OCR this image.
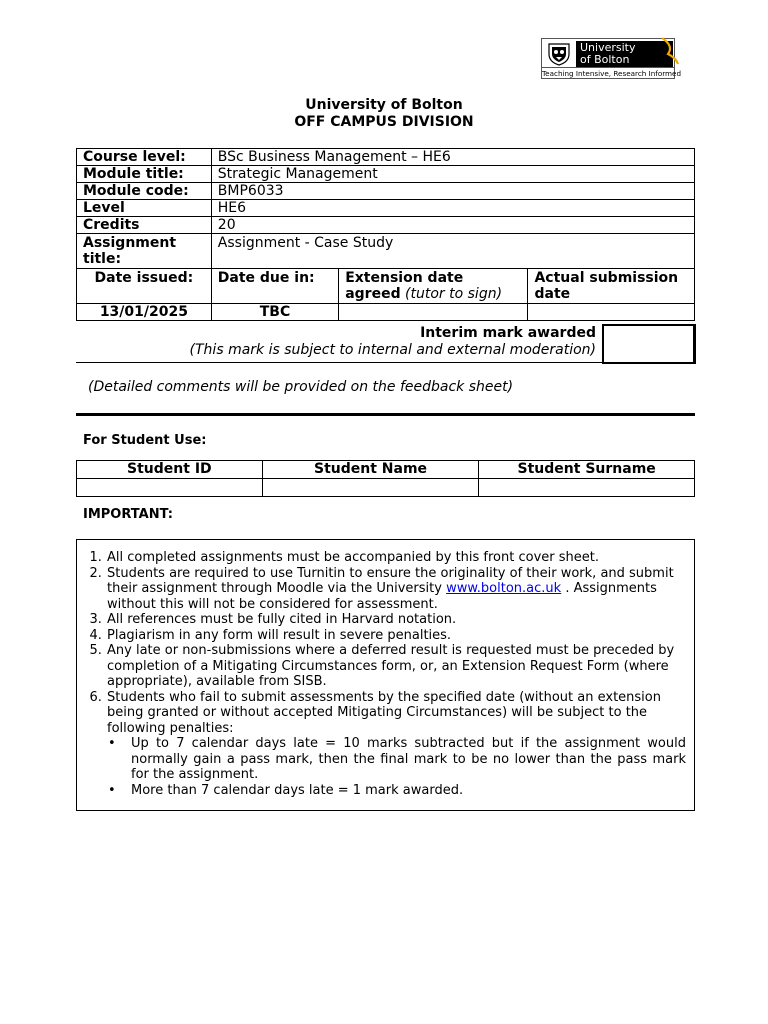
University
of Bolton
Teaching Intensive, Research Informed
University of Bolton
OFF CAMPUS DIVISION
Course level:	BSc Business Management – HE6		
Module title:	Strategic Management		
Module code:	BMP6033		
Level	HE6		
Credits	20		
Assignment title:	Assignment - Case Study		
Date issued:	Date due in:	Extension date agreed (tutor to sign)	Actual submission date
13/01/2025	TBC		
Interim mark awarded
(This mark is subject to internal and external moderation)
(Detailed comments will be provided on the feedback sheet)
For Student Use:
Student ID	Student Name	Student Surname

IMPORTANT:
1. All completed assignments must be accompanied by this front cover sheet.
2. Students are required to use Turnitin to ensure the originality of their work, and submit their assignment through Moodle via the University www.bolton.ac.uk . Assignments without this will not be considered for assessment.
3. All references must be fully cited in Harvard notation.
4. Plagiarism in any form will result in severe penalties.
5. Any late or non-submissions where a deferred result is requested must be preceded by completion of a Mitigating Circumstances form, or, an Extension Request Form (where appropriate), available from SISB.
6. Students who fail to submit assessments by the specified date (without an extension being granted or without accepted Mitigating Circumstances) will be subject to the following penalties:
• Up to 7 calendar days late = 10 marks subtracted but if the assignment would normally gain a pass mark, then the final mark to be no lower than the pass mark for the assignment.
• More than 7 calendar days late = 1 mark awarded.
